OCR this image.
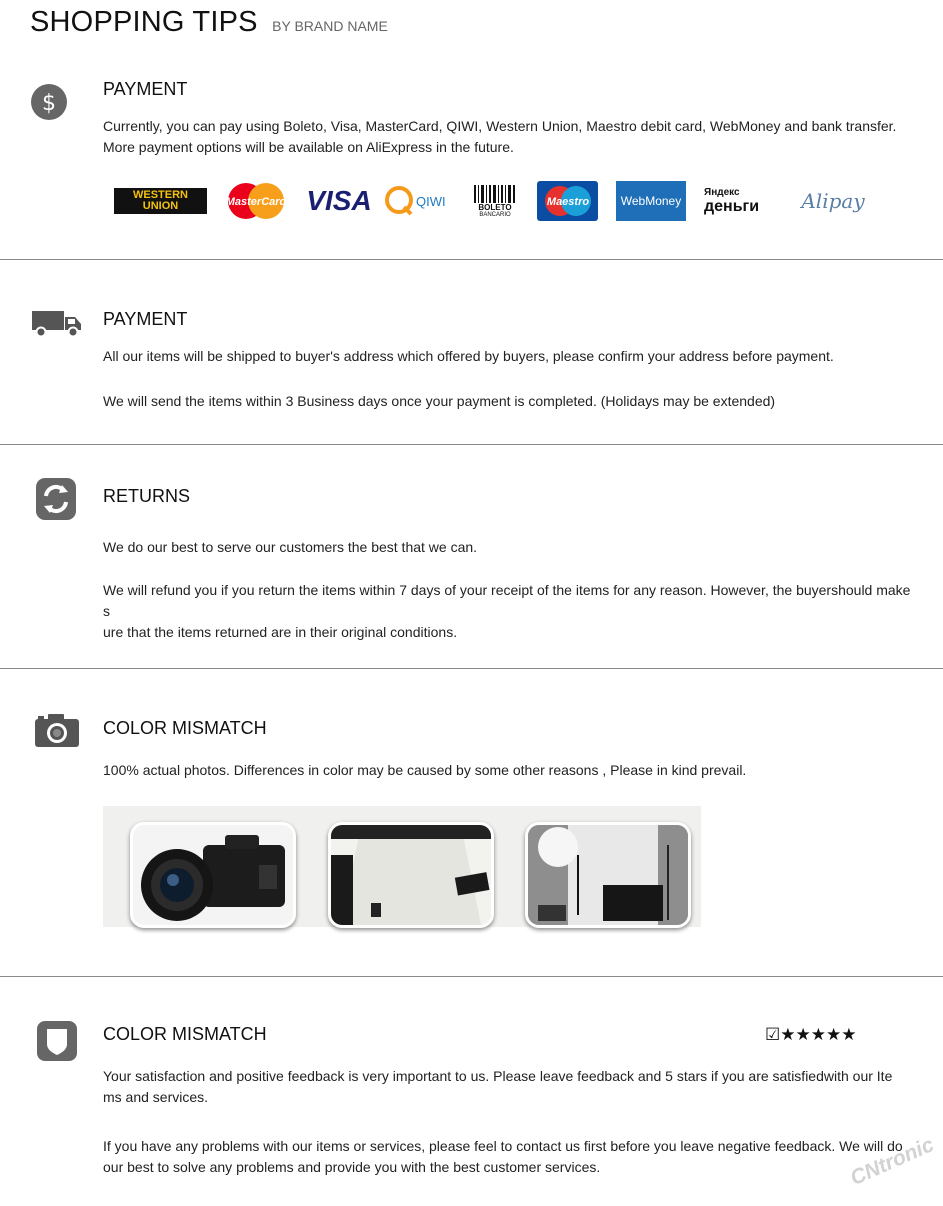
SHOPPING TIPS BY BRAND NAME
$
PAYMENT
Currently, you can pay using Boleto, Visa, MasterCard, QIWI, Western Union, Maestro debit card, WebMoney and bank transfer.
More payment options will be available on AliExpress in the future.
WESTERN
UNION	MasterCard VISA	QIWI	BOLETO
BANCARIO
Maestro	WebMoney
Яндекс
деньги Alipay
PAYMENT
All our items will be shipped to buyer's address which offered by buyers, please confirm your address before payment.
We will send the items within 3 Business days once your payment is completed. (Holidays may be extended)
RETURNS
We do our best to serve our customers the best that we can.
We will refund you if you return the items within 7 days of your receipt of the items for any reason. However, the buyershould make s
ure that the items returned are in their original conditions.
COLOR MISMATCH
100% actual photos. Differences in color may be caused by some other reasons , Please in kind prevail.
COLOR MISMATCH	☑★★★★★
Your satisfaction and positive feedback is very important to us. Please leave feedback and 5 stars if you are satisfiedwith our Ite
ms and services.
If you have any problems with our items or services, please feel to contact us first before you leave negative feedback. We will do
our best to solve any problems and provide you with the best customer services.	CNtronic
